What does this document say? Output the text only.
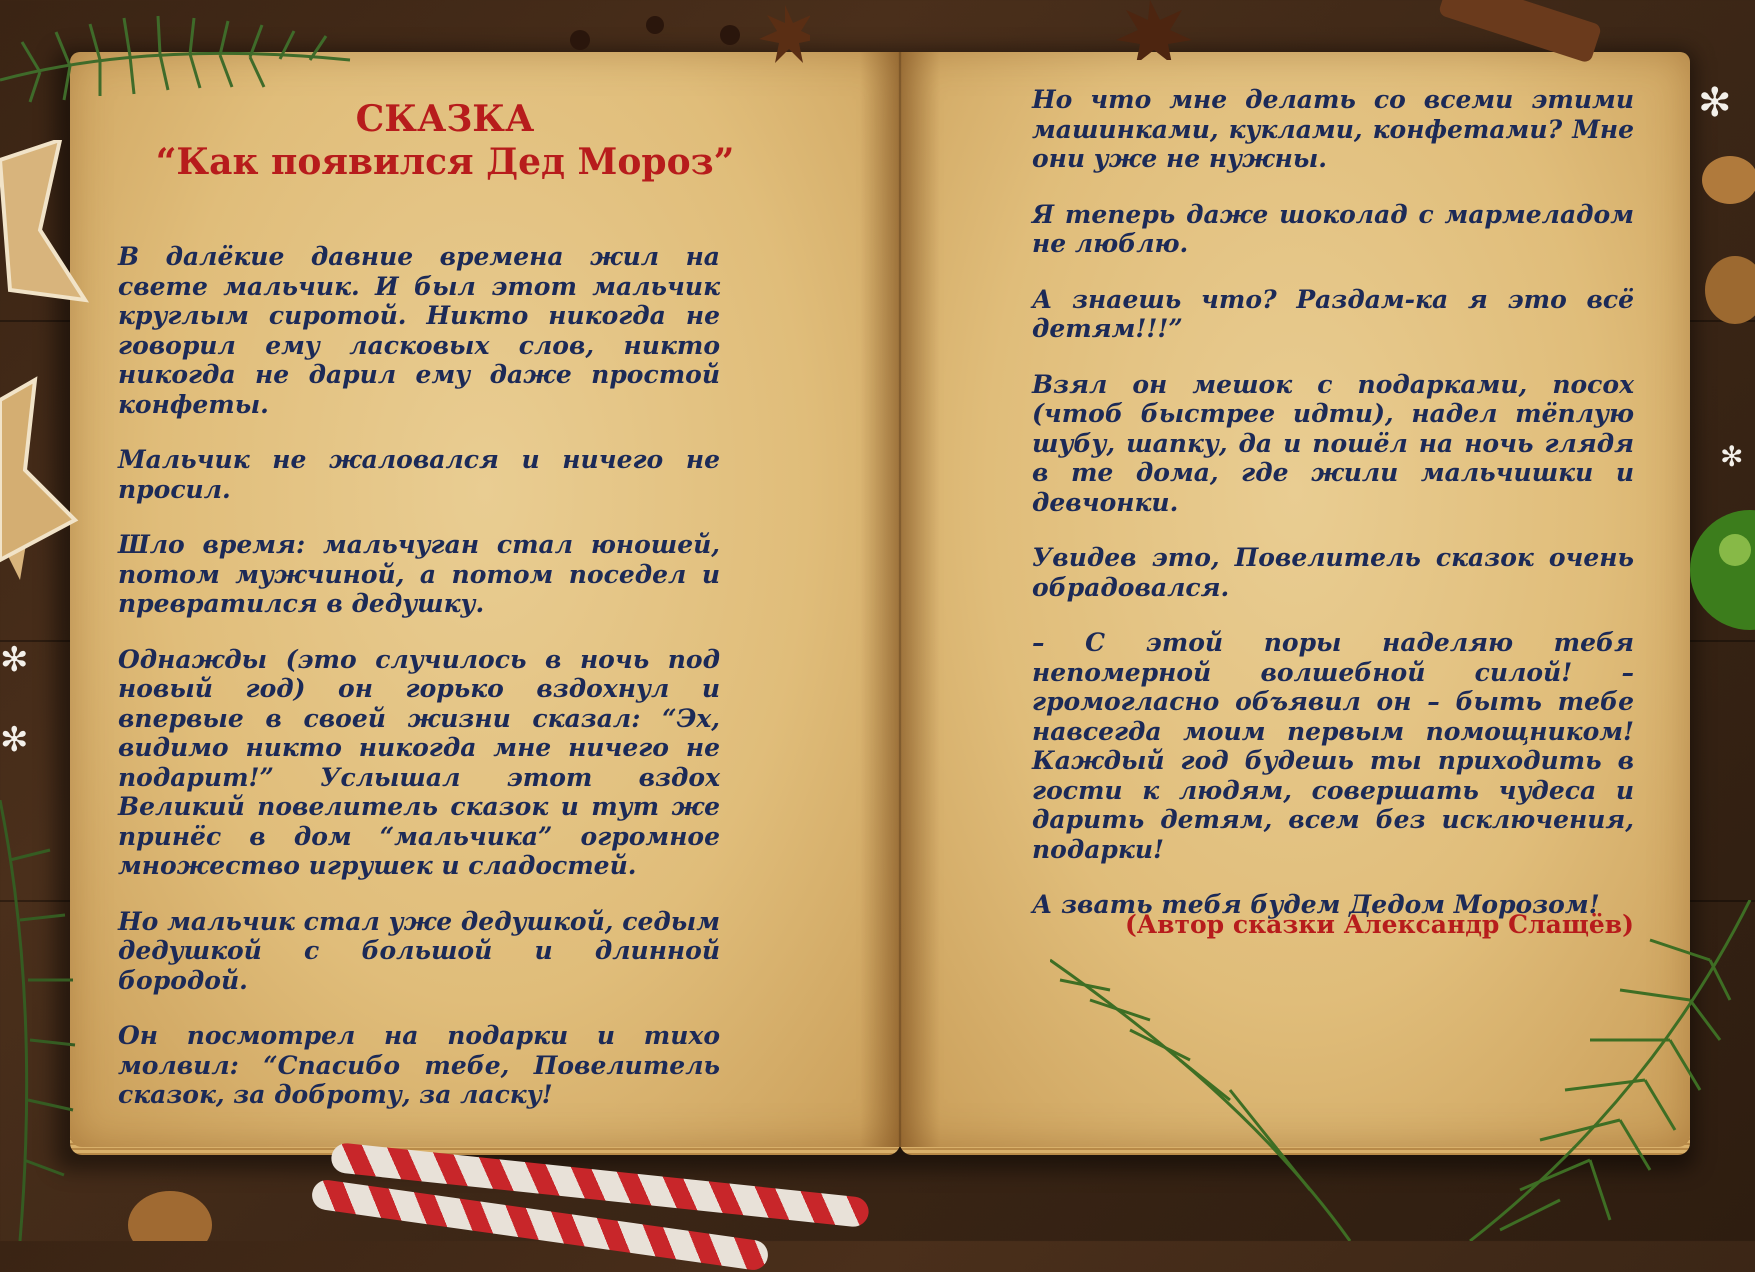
СКАЗКА
“Как появился Дед Мороз”

В далёкие давние времена жил на свете мальчик. И был этот мальчик круглым сиротой. Никто никогда не говорил ему ласковых слов, никто никогда не дарил ему даже простой конфеты.

Мальчик не жаловался и ничего не просил.

Шло время: мальчуган стал юношей, потом мужчиной, а потом поседел и превратился в дедушку.

Однажды (это случилось в ночь под новый год) он горько вздохнул и впервые в своей жизни сказал: “Эх, видимо никто никогда мне ничего не подарит!” Услышал этот вздох Великий повелитель сказок и тут же принёс в дом “мальчика” огромное множество игрушек и сладостей.

Но мальчик стал уже дедушкой, седым дедушкой с большой и длинной бородой.

Он посмотрел на подарки и тихо молвил: “Спасибо тебе, Повелитель сказок, за доброту, за ласку!

Но что мне делать со всеми этими машинками, куклами, конфетами? Мне они уже не нужны.

Я теперь даже шоколад с мармеладом не люблю.

А знаешь что? Раздам-ка я это всё детям!!!”

Взял он мешок с подарками, посох (чтоб быстрее идти), надел тёплую шубу, шапку, да и пошёл на ночь глядя в те дома, где жили мальчишки и девчонки.

Увидев это, Повелитель сказок очень обрадовался.

– С этой поры наделяю тебя непомерной волшебной силой! – громогласно объявил он – быть тебе навсегда моим первым помощником! Каждый год будешь ты приходить в гости к людям, совершать чудеса и дарить детям, всем без исключения, подарки!

А звать тебя будем Дедом Морозом!

(Автор сказки Александр Слащёв)
✻
✻
✻
✻
